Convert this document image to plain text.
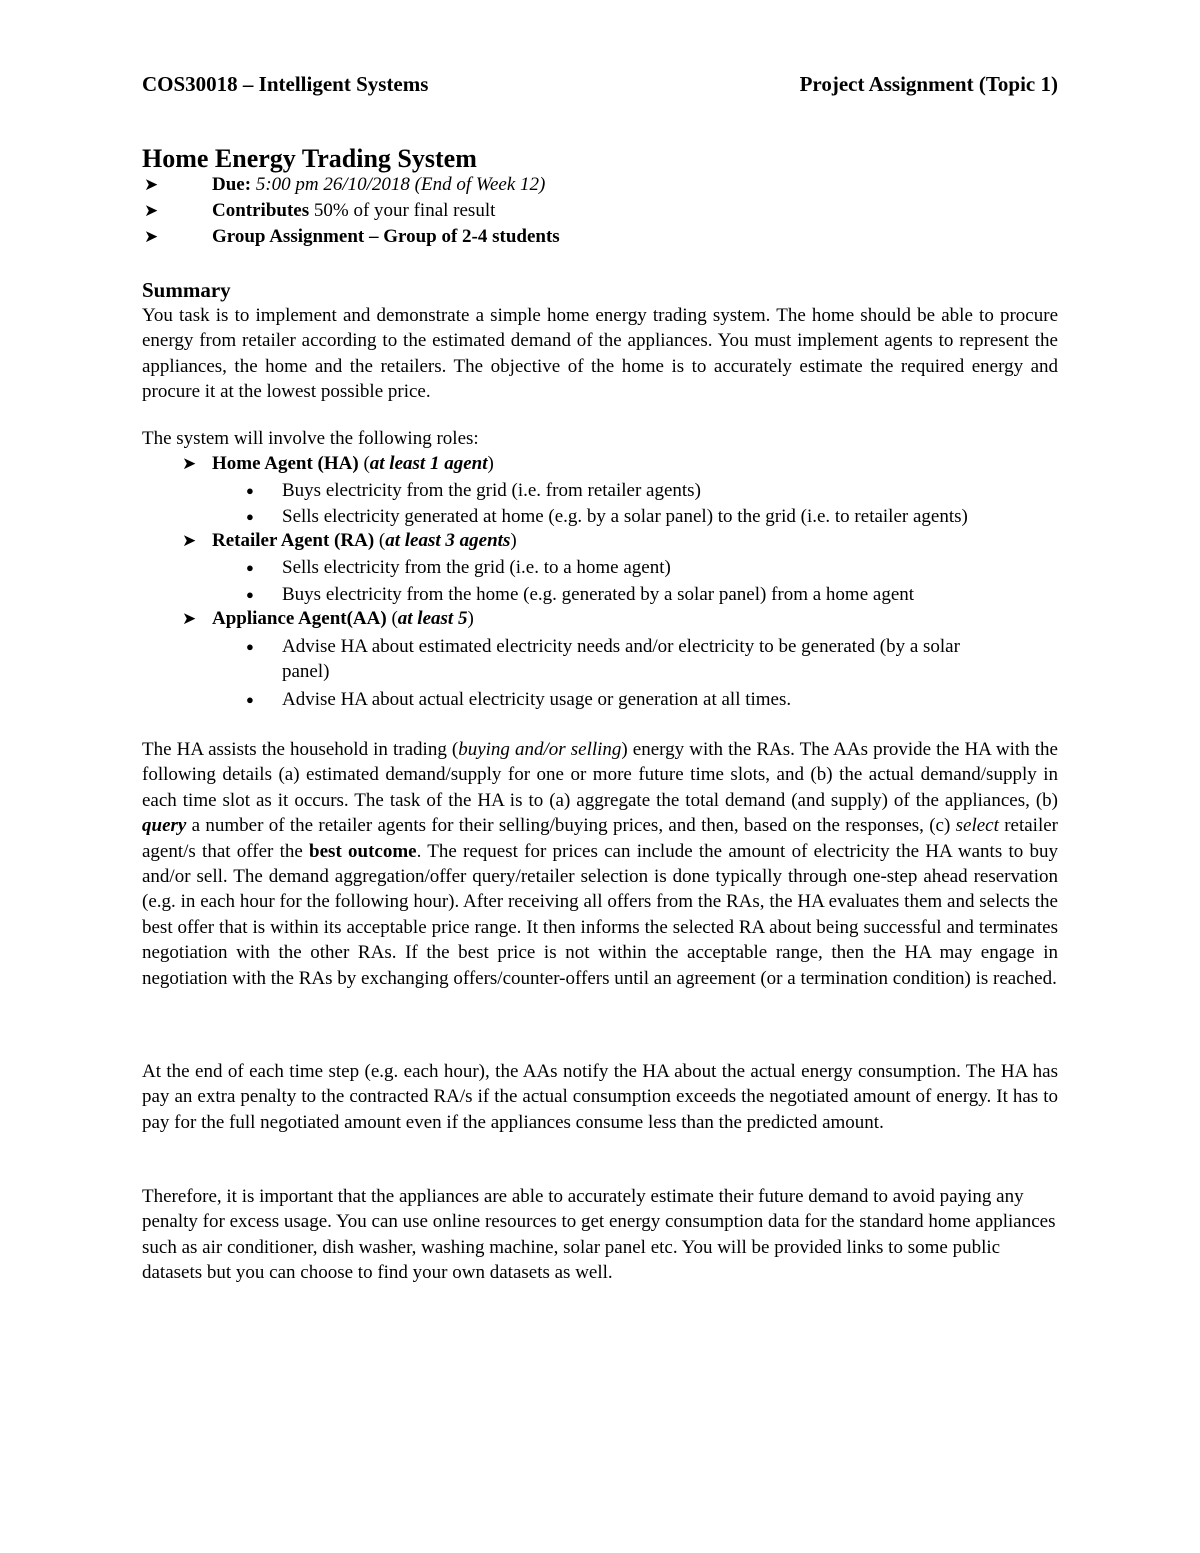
COS30018 – Intelligent Systems	Project Assignment (Topic 1)
Home Energy Trading System
➤	Due: 5:00 pm 26/10/2018 (End of Week 12)
➤	Contributes 50% of your final result
➤	Group Assignment – Group of 2-4 students
Summary
You task is to implement and demonstrate a simple home energy trading system. The home should be able to procure energy from retailer according to the estimated demand of the appliances. You must implement agents to represent the appliances, the home and the retailers. The objective of the home is to accurately estimate the required energy and procure it at the lowest possible price.
The system will involve the following roles:
➤ Home Agent (HA) (at least 1 agent)
● Buys electricity from the grid (i.e. from retailer agents)
● Sells electricity generated at home (e.g. by a solar panel) to the grid (i.e. to retailer agents)
➤ Retailer Agent (RA) (at least 3 agents)
● Sells electricity from the grid (i.e. to a home agent)
● Buys electricity from the home (e.g. generated by a solar panel) from a home agent
➤ Appliance Agent(AA) (at least 5)
● Advise HA about estimated electricity needs and/or electricity to be generated (by a solar
panel)
● Advise HA about actual electricity usage or generation at all times.
The HA assists the household in trading (buying and/or selling) energy with the RAs. The AAs provide the HA with the following details (a) estimated demand/supply for one or more future time slots, and (b) the actual demand/supply in each time slot as it occurs. The task of the HA is to (a) aggregate the total demand (and supply) of the appliances, (b) query a number of the retailer agents for their selling/buying prices, and then, based on the responses, (c) select retailer agent/s that offer the best outcome. The request for prices can include the amount of electricity the HA wants to buy and/or sell. The demand aggregation/offer query/retailer selection is done typically through one-step ahead reservation (e.g. in each hour for the following hour). After receiving all offers from the RAs, the HA evaluates them and selects the best offer that is within its acceptable price range. It then informs the selected RA about being successful and terminates negotiation with the other RAs. If the best price is not within the acceptable range, then the HA may engage in negotiation with the RAs by exchanging offers/counter-offers until an agreement (or a termination condition) is reached.
At the end of each time step (e.g. each hour), the AAs notify the HA about the actual energy consumption. The HA has pay an extra penalty to the contracted RA/s if the actual consumption exceeds the negotiated amount of energy. It has to pay for the full negotiated amount even if the appliances consume less than the predicted amount.
Therefore, it is important that the appliances are able to accurately estimate their future demand to avoid paying any penalty for excess usage. You can use online resources to get energy consumption data for the standard home appliances such as air conditioner, dish washer, washing machine, solar panel etc. You will be provided links to some public datasets but you can choose to find your own datasets as well.
